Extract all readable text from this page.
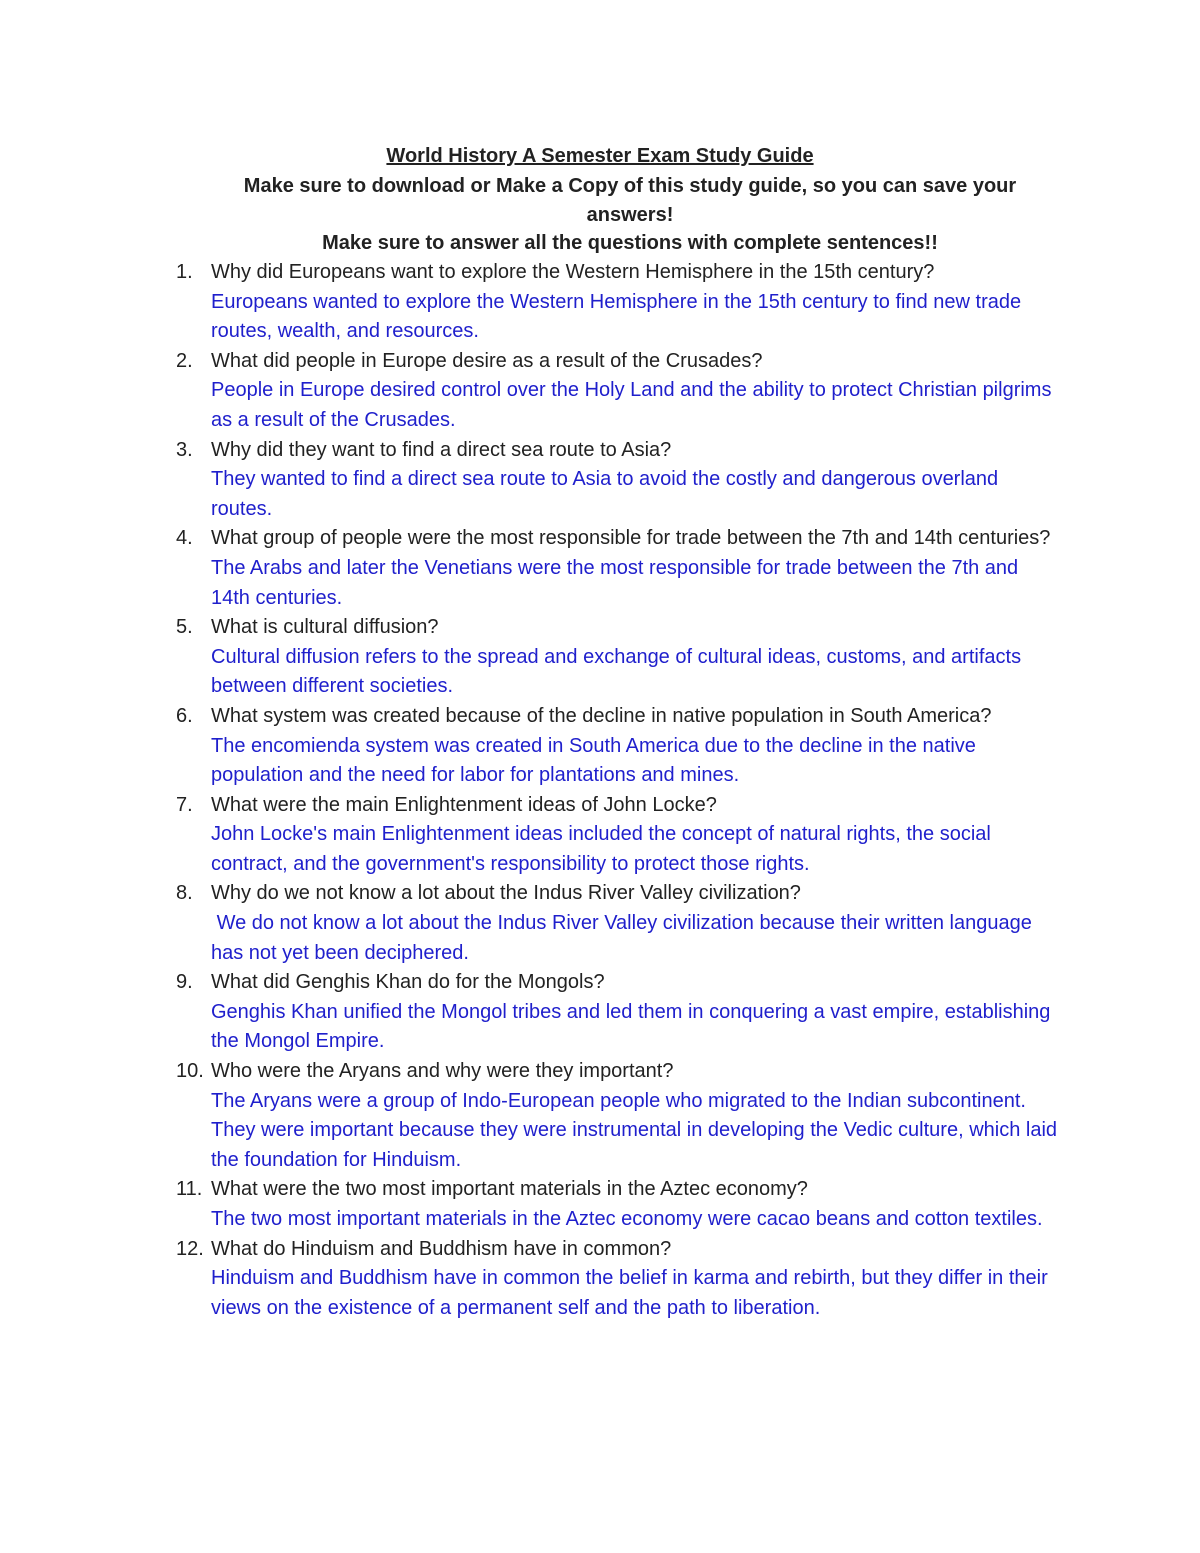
World History A Semester Exam Study Guide
Make sure to download or Make a Copy of this study guide, so you can save your answers!
Make sure to answer all the questions with complete sentences!!
1. Why did Europeans want to explore the Western Hemisphere in the 15th century?
Europeans wanted to explore the Western Hemisphere in the 15th century to find new trade routes, wealth, and resources.
2. What did people in Europe desire as a result of the Crusades?
People in Europe desired control over the Holy Land and the ability to protect Christian pilgrims as a result of the Crusades.
3. Why did they want to find a direct sea route to Asia?
They wanted to find a direct sea route to Asia to avoid the costly and dangerous overland routes.
4. What group of people were the most responsible for trade between the 7th and 14th centuries? The Arabs and later the Venetians were the most responsible for trade between the 7th and 14th centuries.
5. What is cultural diffusion?
Cultural diffusion refers to the spread and exchange of cultural ideas, customs, and artifacts between different societies.
6. What system was created because of the decline in native population in South America?
The encomienda system was created in South America due to the decline in the native population and the need for labor for plantations and mines.
7. What were the main Enlightenment ideas of John Locke?
John Locke's main Enlightenment ideas included the concept of natural rights, the social contract, and the government's responsibility to protect those rights.
8. Why do we not know a lot about the Indus River Valley civilization?
We do not know a lot about the Indus River Valley civilization because their written language has not yet been deciphered.
9. What did Genghis Khan do for the Mongols?
Genghis Khan unified the Mongol tribes and led them in conquering a vast empire, establishing the Mongol Empire.
10. Who were the Aryans and why were they important?
The Aryans were a group of Indo-European people who migrated to the Indian subcontinent. They were important because they were instrumental in developing the Vedic culture, which laid the foundation for Hinduism.
11. What were the two most important materials in the Aztec economy?
The two most important materials in the Aztec economy were cacao beans and cotton textiles.
12. What do Hinduism and Buddhism have in common?
Hinduism and Buddhism have in common the belief in karma and rebirth, but they differ in their views on the existence of a permanent self and the path to liberation.
